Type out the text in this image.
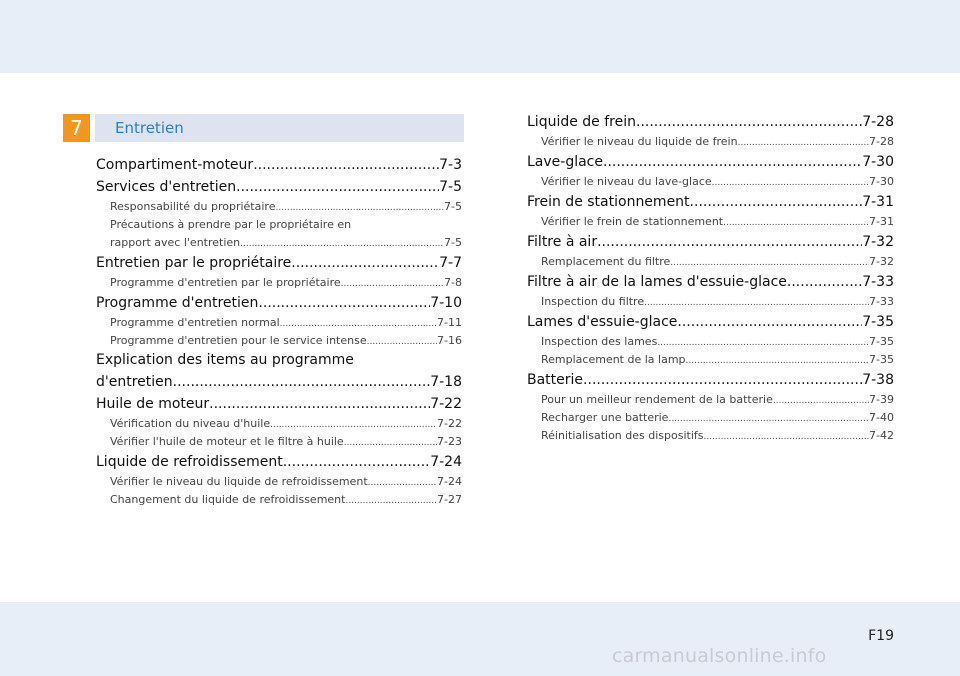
7	Entretien
Compartiment-moteur .....	7-3
Services d'entretien .....	7-5
Responsabilité du propriétaire .....	7-5
Précautions à prendre par le propriétaire en
rapport avec l'entretien .....	7-5
Entretien par le propriétaire .....	7-7
Programme d'entretien par le propriétaire .....	7-8
Programme d'entretien .....	7-10
Programme d'entretien normal .....	7-11
Programme d'entretien pour le service intense .....	7-16
Explication des items au programme
d'entretien .....	7-18
Huile de moteur .....	7-22
Vérification du niveau d'huile .....	7-22
Vérifier l'huile de moteur et le filtre à huile .....	7-23
Liquide de refroidissement .....	7-24
Vérifier le niveau du liquide de refroidissement .....	7-24
Changement du liquide de refroidissement .....	7-27
Liquide de frein .....	7-28
Vérifier le niveau du liquide de frein .....	7-28
Lave-glace .....	7-30
Vérifier le niveau du lave-glace .....	7-30
Frein de stationnement .....	7-31
Vérifier le frein de stationnement .....	7-31
Filtre à air .....	7-32
Remplacement du filtre .....	7-32
Filtre à air de la lames d'essuie-glace .....	7-33
Inspection du filtre .....	7-33
Lames d'essuie-glace .....	7-35
Inspection des lames .....	7-35
Remplacement de la lamp .....	7-35
Batterie .....	7-38
Pour un meilleur rendement de la batterie .....	7-39
Recharger une batterie .....	7-40
Réinitialisation des dispositifs .....	7-42
F19
carmanualsonline.info
